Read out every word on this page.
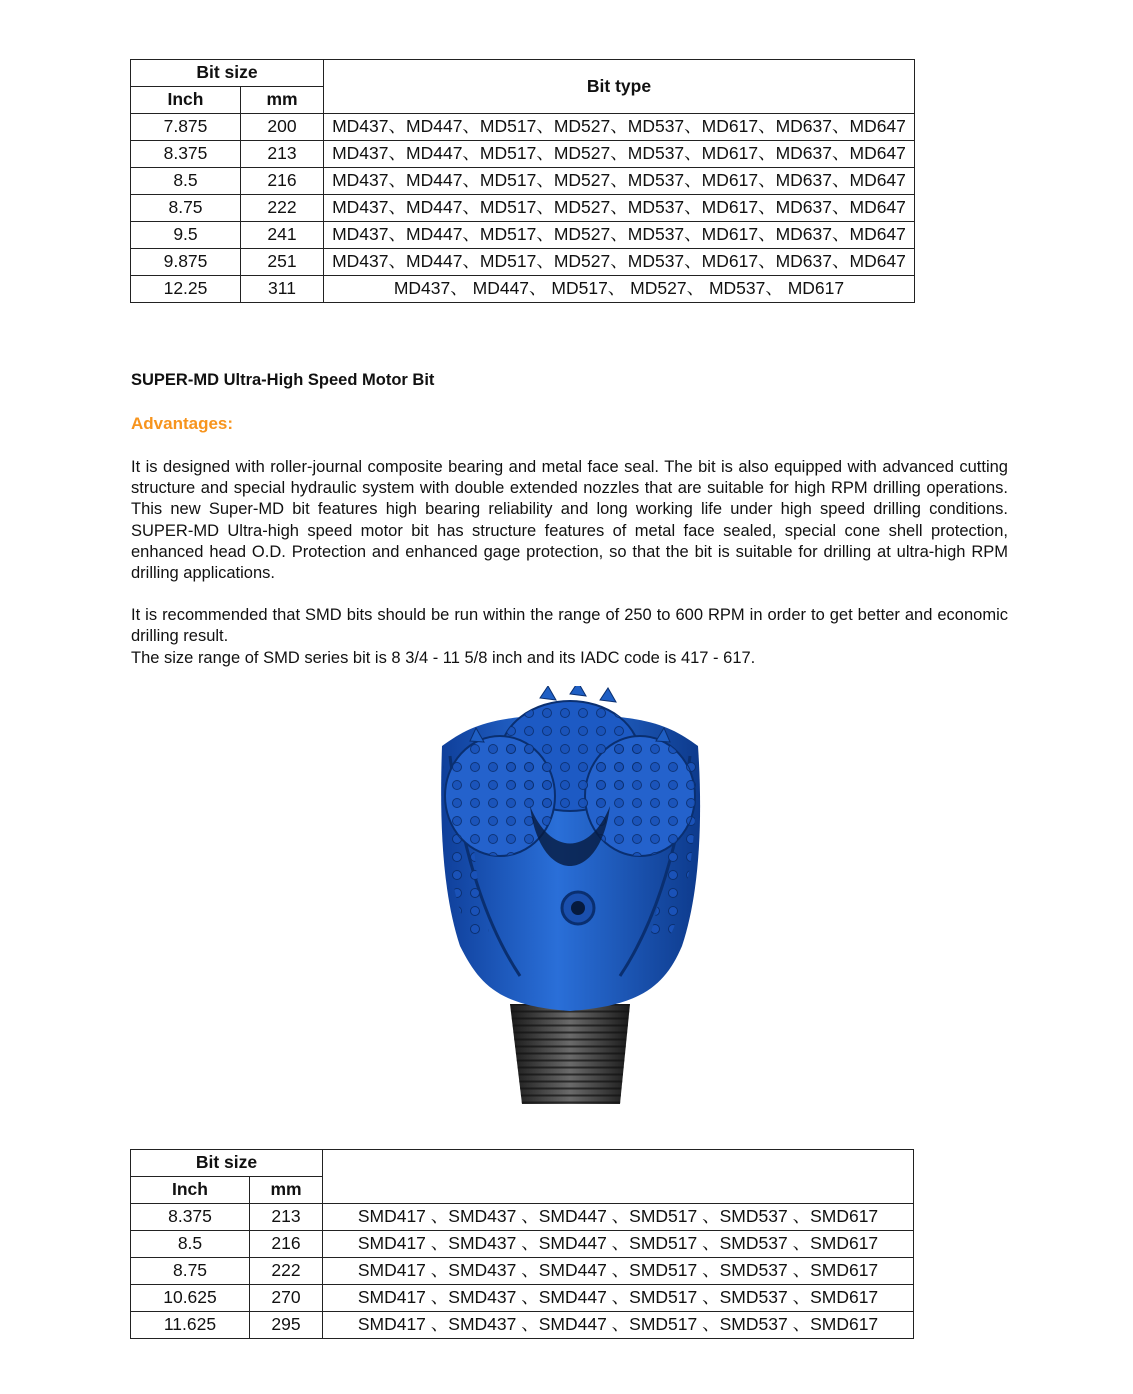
Bit size		Bit type
Inch	mm	
7.875	200	MD437、MD447、MD517、MD527、MD537、MD617、MD637、MD647
8.375	213	MD437、MD447、MD517、MD527、MD537、MD617、MD637、MD647
8.5	216	MD437、MD447、MD517、MD527、MD537、MD617、MD637、MD647
8.75	222	MD437、MD447、MD517、MD527、MD537、MD617、MD637、MD647
9.5	241	MD437、MD447、MD517、MD527、MD537、MD617、MD637、MD647
9.875	251	MD437、MD447、MD517、MD527、MD537、MD617、MD637、MD647
12.25	311	MD437、 MD447、 MD517、 MD527、 MD537、 MD617
SUPER-MD Ultra-High Speed Motor Bit
Advantages:
It is designed with roller-journal composite bearing and metal face seal. The bit is also equipped with advanced cutting structure and special hydraulic system with double extended nozzles that are suitable for high RPM drilling operations. This new Super-MD bit features high bearing reliability and long working life under high speed drilling conditions. SUPER-MD Ultra-high speed motor bit has structure features of metal face sealed, special cone shell protection, enhanced head O.D. Protection and enhanced gage protection, so that the bit is suitable for drilling at ultra-high RPM drilling applications.
It is recommended that SMD bits should be run within the range of 250 to 600 RPM in order to get better and economic drilling result.
The size range of SMD series bit is 8 3/4 - 11 5/8 inch and its IADC code is 417 - 617.
Bit size		
Inch	mm	
8.375	213	SMD417 、SMD437 、SMD447 、SMD517 、SMD537 、SMD617
8.5	216	SMD417 、SMD437 、SMD447 、SMD517 、SMD537 、SMD617
8.75	222	SMD417 、SMD437 、SMD447 、SMD517 、SMD537 、SMD617
10.625	270	SMD417 、SMD437 、SMD447 、SMD517 、SMD537 、SMD617
11.625	295	SMD417 、SMD437 、SMD447 、SMD517 、SMD537 、SMD617
